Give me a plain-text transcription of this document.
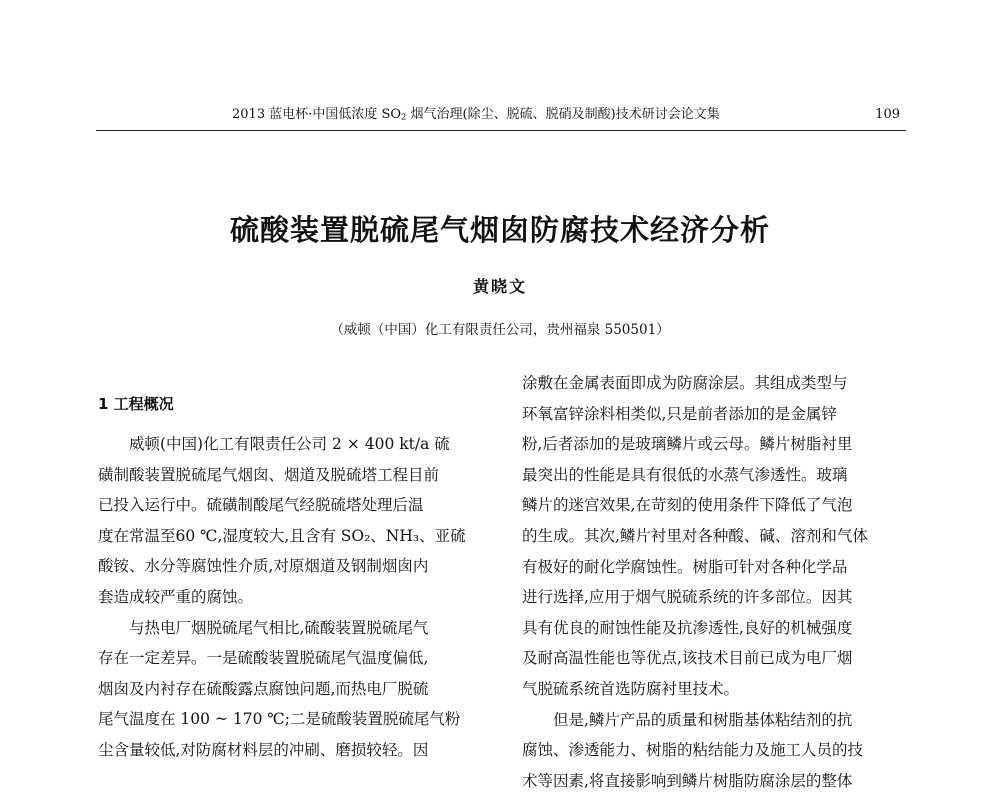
2013 蓝电杯·中国低浓度 $SO_2$ 烟气治理(除尘、脱硫、脱硝及制酸)技术研讨会论文集	109
硫酸装置脱硫尾气烟囱防腐技术经济分析
黄晓文
（威顿（中国）化工有限责任公司，贵州福泉 550501）
1 工程概况
威顿(中国)化工有限责任公司 2 × 400 kt/a 硫
磺制酸装置脱硫尾气烟囱、烟道及脱硫塔工程目前
已投入运行中。硫磺制酸尾气经脱硫塔处理后温
度在常温至60 ℃,湿度较大,且含有 SO₂、NH₃、亚硫
酸铵、水分等腐蚀性介质,对原烟道及钢制烟囱内
套造成较严重的腐蚀。
与热电厂烟脱硫尾气相比,硫酸装置脱硫尾气
存在一定差异。一是硫酸装置脱硫尾气温度偏低,
烟囱及内衬存在硫酸露点腐蚀问题,而热电厂脱硫
尾气温度在 100 ~ 170 ℃;二是硫酸装置脱硫尾气粉
尘含量较低,对防腐材料层的冲刷、磨损较轻。因
涂敷在金属表面即成为防腐涂层。其组成类型与
环氧富锌涂料相类似,只是前者添加的是金属锌
粉,后者添加的是玻璃鳞片或云母。鳞片树脂衬里
最突出的性能是具有很低的水蒸气渗透性。玻璃
鳞片的迷宫效果,在苛刻的使用条件下降低了气泡
的生成。其次,鳞片衬里对各种酸、碱、溶剂和气体
有极好的耐化学腐蚀性。树脂可针对各种化学品
进行选择,应用于烟气脱硫系统的许多部位。因其
具有优良的耐蚀性能及抗渗透性,良好的机械强度
及耐高温性能也等优点,该技术目前已成为电厂烟
气脱硫系统首选防腐衬里技术。
但是,鳞片产品的质量和树脂基体粘结剂的抗
腐蚀、渗透能力、树脂的粘结能力及施工人员的技
术等因素,将直接影响到鳞片树脂防腐涂层的整体
